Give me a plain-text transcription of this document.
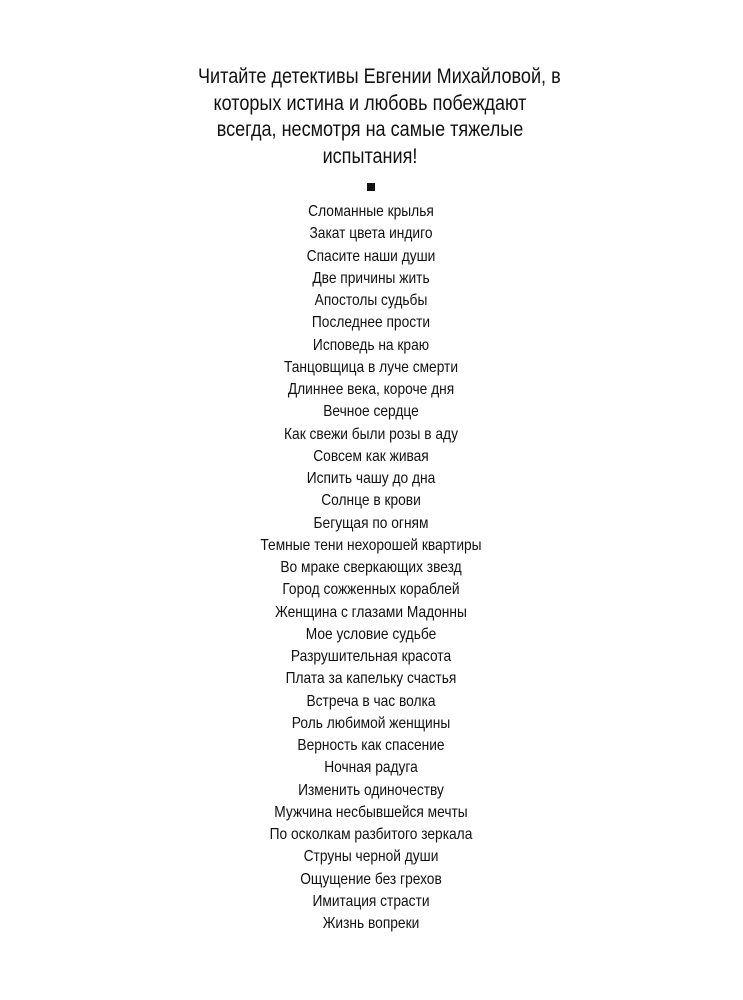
Читайте детективы Евгении Михайловой, в
которых истина и любовь побеждают
всегда, несмотря на самые тяжелые
испытания!
Сломанные крылья
Закат цвета индиго
Спасите наши души
Две причины жить
Апостолы судьбы
Последнее прости
Исповедь на краю
Танцовщица в луче смерти
Длиннее века, короче дня
Вечное сердце
Как свежи были розы в аду
Совсем как живая
Испить чашу до дна
Солнце в крови
Бегущая по огням
Темные тени нехорошей квартиры
Во мраке сверкающих звезд
Город сожженных кораблей
Женщина с глазами Мадонны
Мое условие судьбе
Разрушительная красота
Плата за капельку счастья
Встреча в час волка
Роль любимой женщины
Верность как спасение
Ночная радуга
Изменить одиночеству
Мужчина несбывшейся мечты
По осколкам разбитого зеркала
Струны черной души
Ощущение без грехов
Имитация страсти
Жизнь вопреки
